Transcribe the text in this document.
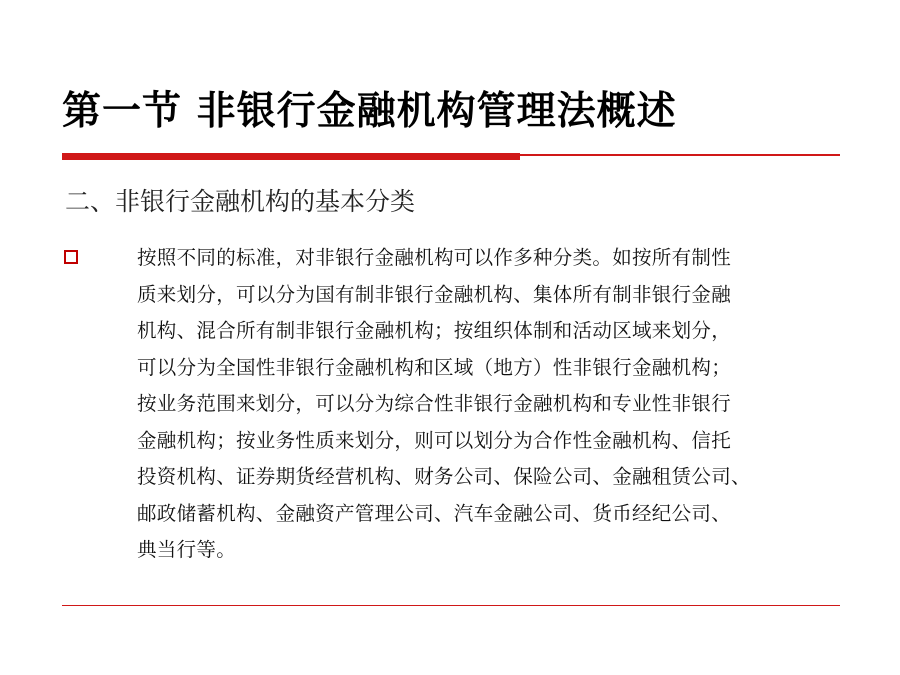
第一节 非银行金融机构管理法概述
二、非银行金融机构的基本分类
按照不同的标准，对非银行金融机构可以作多种分类。如按所有制性
质来划分，可以分为国有制非银行金融机构、集体所有制非银行金融
机构、混合所有制非银行金融机构；按组织体制和活动区域来划分，
可以分为全国性非银行金融机构和区域（地方）性非银行金融机构；
按业务范围来划分，可以分为综合性非银行金融机构和专业性非银行
金融机构；按业务性质来划分，则可以划分为合作性金融机构、信托
投资机构、证券期货经营机构、财务公司、保险公司、金融租赁公司、
邮政储蓄机构、金融资产管理公司、汽车金融公司、货币经纪公司、
典当行等。
